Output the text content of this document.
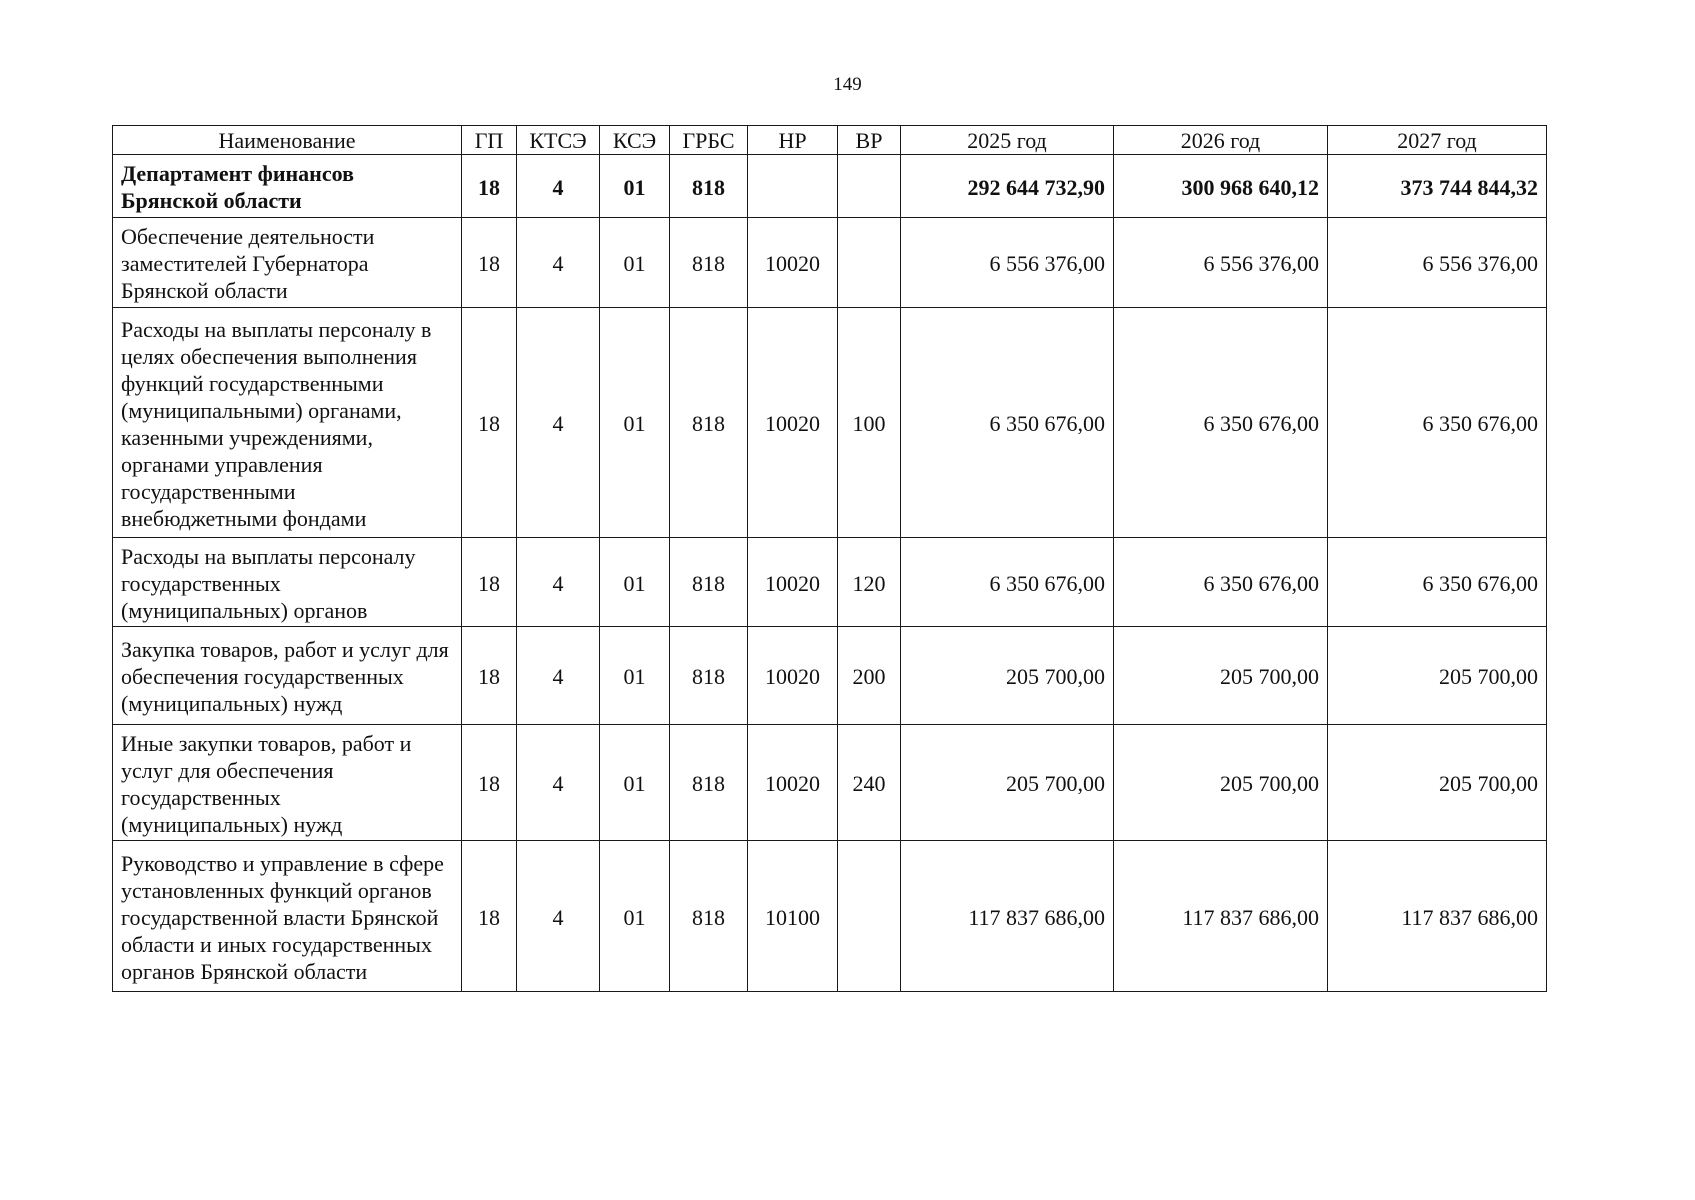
149
Наименование	ГП	КТСЭ	КСЭ	ГРБС	НР	ВР	2025 год	2026 год	2027 год
Департамент финансов Брянской области	18	4	01	818			292 644 732,90	300 968 640,12	373 744 844,32
Обеспечение деятельности заместителей Губернатора Брянской области	18	4	01	818	10020		6 556 376,00	6 556 376,00	6 556 376,00
Расходы на выплаты персоналу в целях обеспечения выполнения функций государственными (муниципальными) органами, казенными учреждениями, органами управления государственными внебюджетными фондами	18	4	01	818	10020	100	6 350 676,00	6 350 676,00	6 350 676,00
Расходы на выплаты персоналу государственных (муниципальных) органов	18	4	01	818	10020	120	6 350 676,00	6 350 676,00	6 350 676,00
Закупка товаров, работ и услуг для обеспечения государственных (муниципальных) нужд	18	4	01	818	10020	200	205 700,00	205 700,00	205 700,00
Иные закупки товаров, работ и услуг для обеспечения государственных (муниципальных) нужд	18	4	01	818	10020	240	205 700,00	205 700,00	205 700,00
Руководство и управление в сфере установленных функций органов государственной власти Брянской области и иных государственных органов Брянской области	18	4	01	818	10100		117 837 686,00	117 837 686,00	117 837 686,00
